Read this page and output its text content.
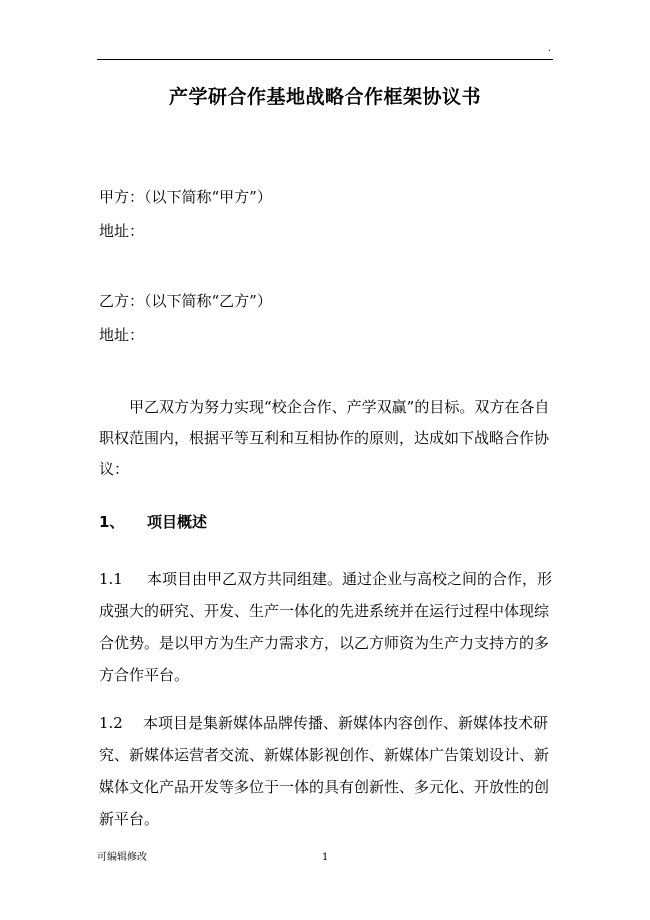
.
产学研合作基地战略合作框架协议书
甲方：（以下简称“甲方”）
地址：
乙方：（以下简称“乙方”）
地址：
甲乙双方为努力实现“校企合作、产学双赢”的目标。双方在各自职权范围内，根据平等互利和互相协作的原则，达成如下战略合作协议：
1、 项目概述
1.1	本项目由甲乙双方共同组建。通过企业与高校之间的合作，形成强大的研究、开发、生产一体化的先进系统并在运行过程中体现综合优势。是以甲方为生产力需求方，以乙方师资为生产力支持方的多方合作平台。
1.2	本项目是集新媒体品牌传播、新媒体内容创作、新媒体技术研究、新媒体运营者交流、新媒体影视创作、新媒体广告策划设计、新媒体文化产品开发等多位于一体的具有创新性、多元化、开放性的创新平台。
可编辑修改	1
